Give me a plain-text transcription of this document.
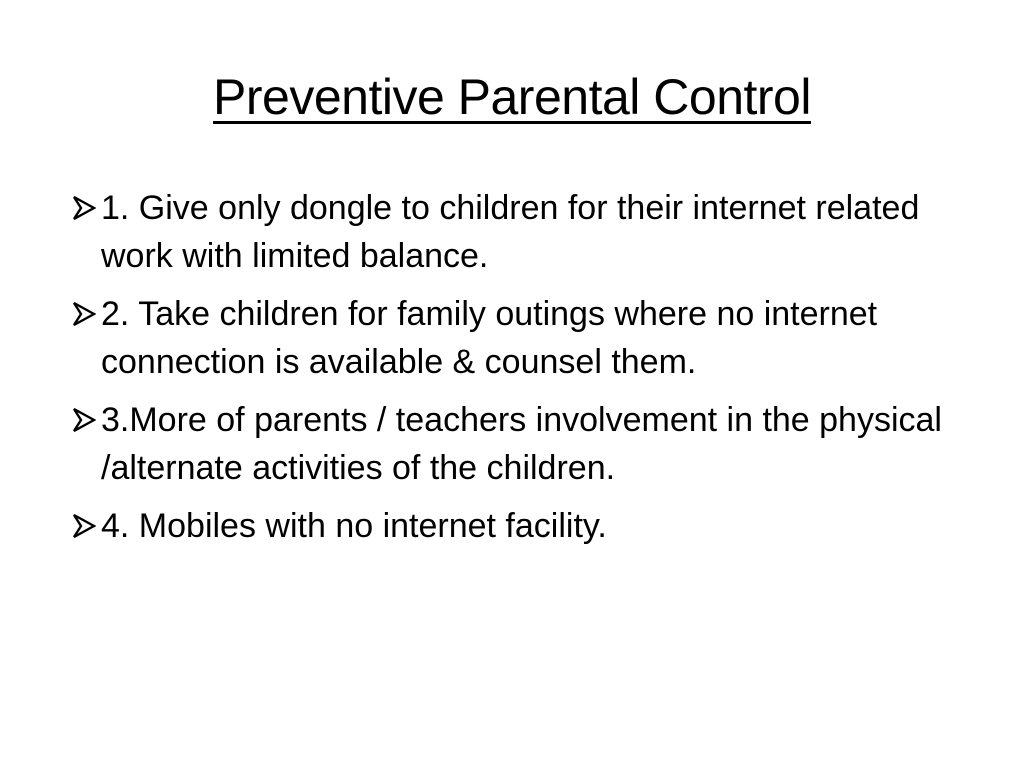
Preventive Parental Control
1. Give only dongle to children for their internet related work with limited balance.
2. Take children for family outings where no internet connection is available & counsel them.
3.More of parents / teachers involvement in the physical /alternate activities of the children.
4. Mobiles with no internet facility.
